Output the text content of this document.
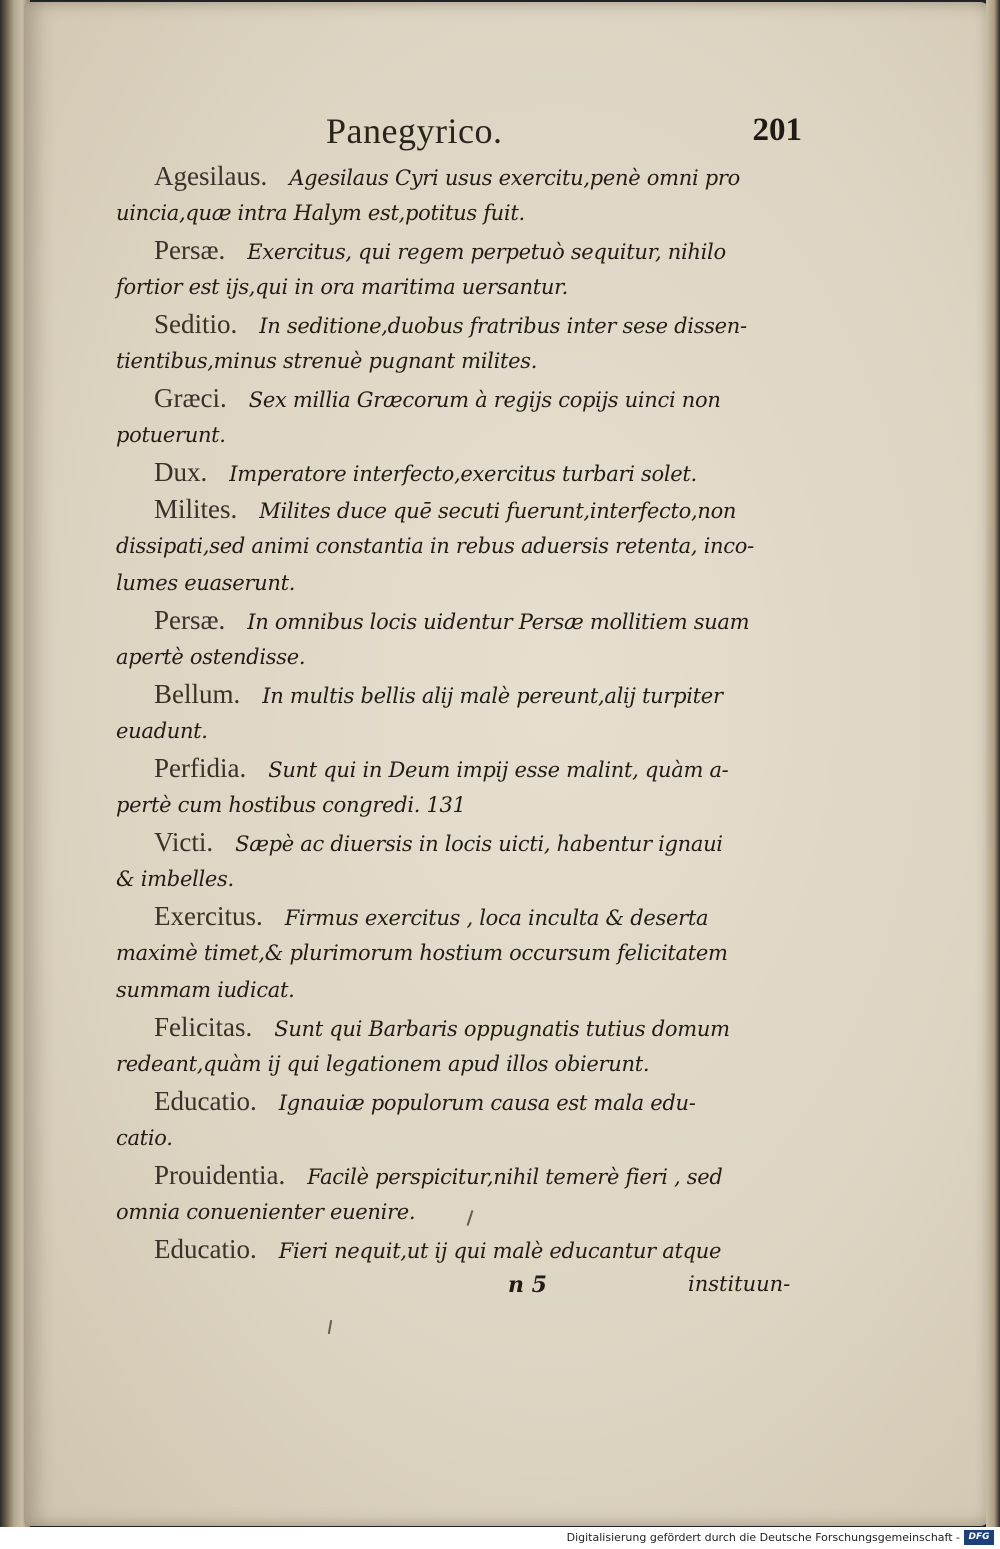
Panegyrico.	201
Agesilaus. Agesilaus Cyri usus exercitu,penè omni pro
uincia,quæ intra Halym est,potitus fuit.
Persæ. Exercitus, qui regem perpetuò sequitur, nihilo
fortior est ijs,qui in ora maritima uersantur.
Seditio. In seditione,duobus fratribus inter sese dissen-
tientibus,minus strenuè pugnant milites.
Græci. Sex millia Græcorum à regijs copijs uinci non
potuerunt.
Dux. Imperatore interfecto,exercitus turbari solet.
Milites. Milites duce quē secuti fuerunt,interfecto,non
dissipati,sed animi constantia in rebus aduersis retenta, inco-
lumes euaserunt.
Persæ. In omnibus locis uidentur Persæ mollitiem suam
apertè ostendisse.
Bellum. In multis bellis alij malè pereunt,alij turpiter
euadunt.
Perfidia. Sunt qui in Deum impij esse malint, quàm a-
pertè cum hostibus congredi. 131
Victi. Sæpè ac diuersis in locis uicti, habentur ignaui
& imbelles.
Exercitus. Firmus exercitus , loca inculta & deserta
maximè timet,& plurimorum hostium occursum felicitatem
summam iudicat.
Felicitas. Sunt qui Barbaris oppugnatis tutius domum
redeant,quàm ij qui legationem apud illos obierunt.
Educatio. Ignauiæ populorum causa est mala edu-
catio.
Prouidentia. Facilè perspicitur,nihil temerè fieri , sed
omnia conuenienter euenire.
Educatio. Fieri nequit,ut ij qui malè educantur atque
n 5	instituun-
Digitalisierung gefördert durch die Deutsche Forschungsgemeinschaft - DFG
